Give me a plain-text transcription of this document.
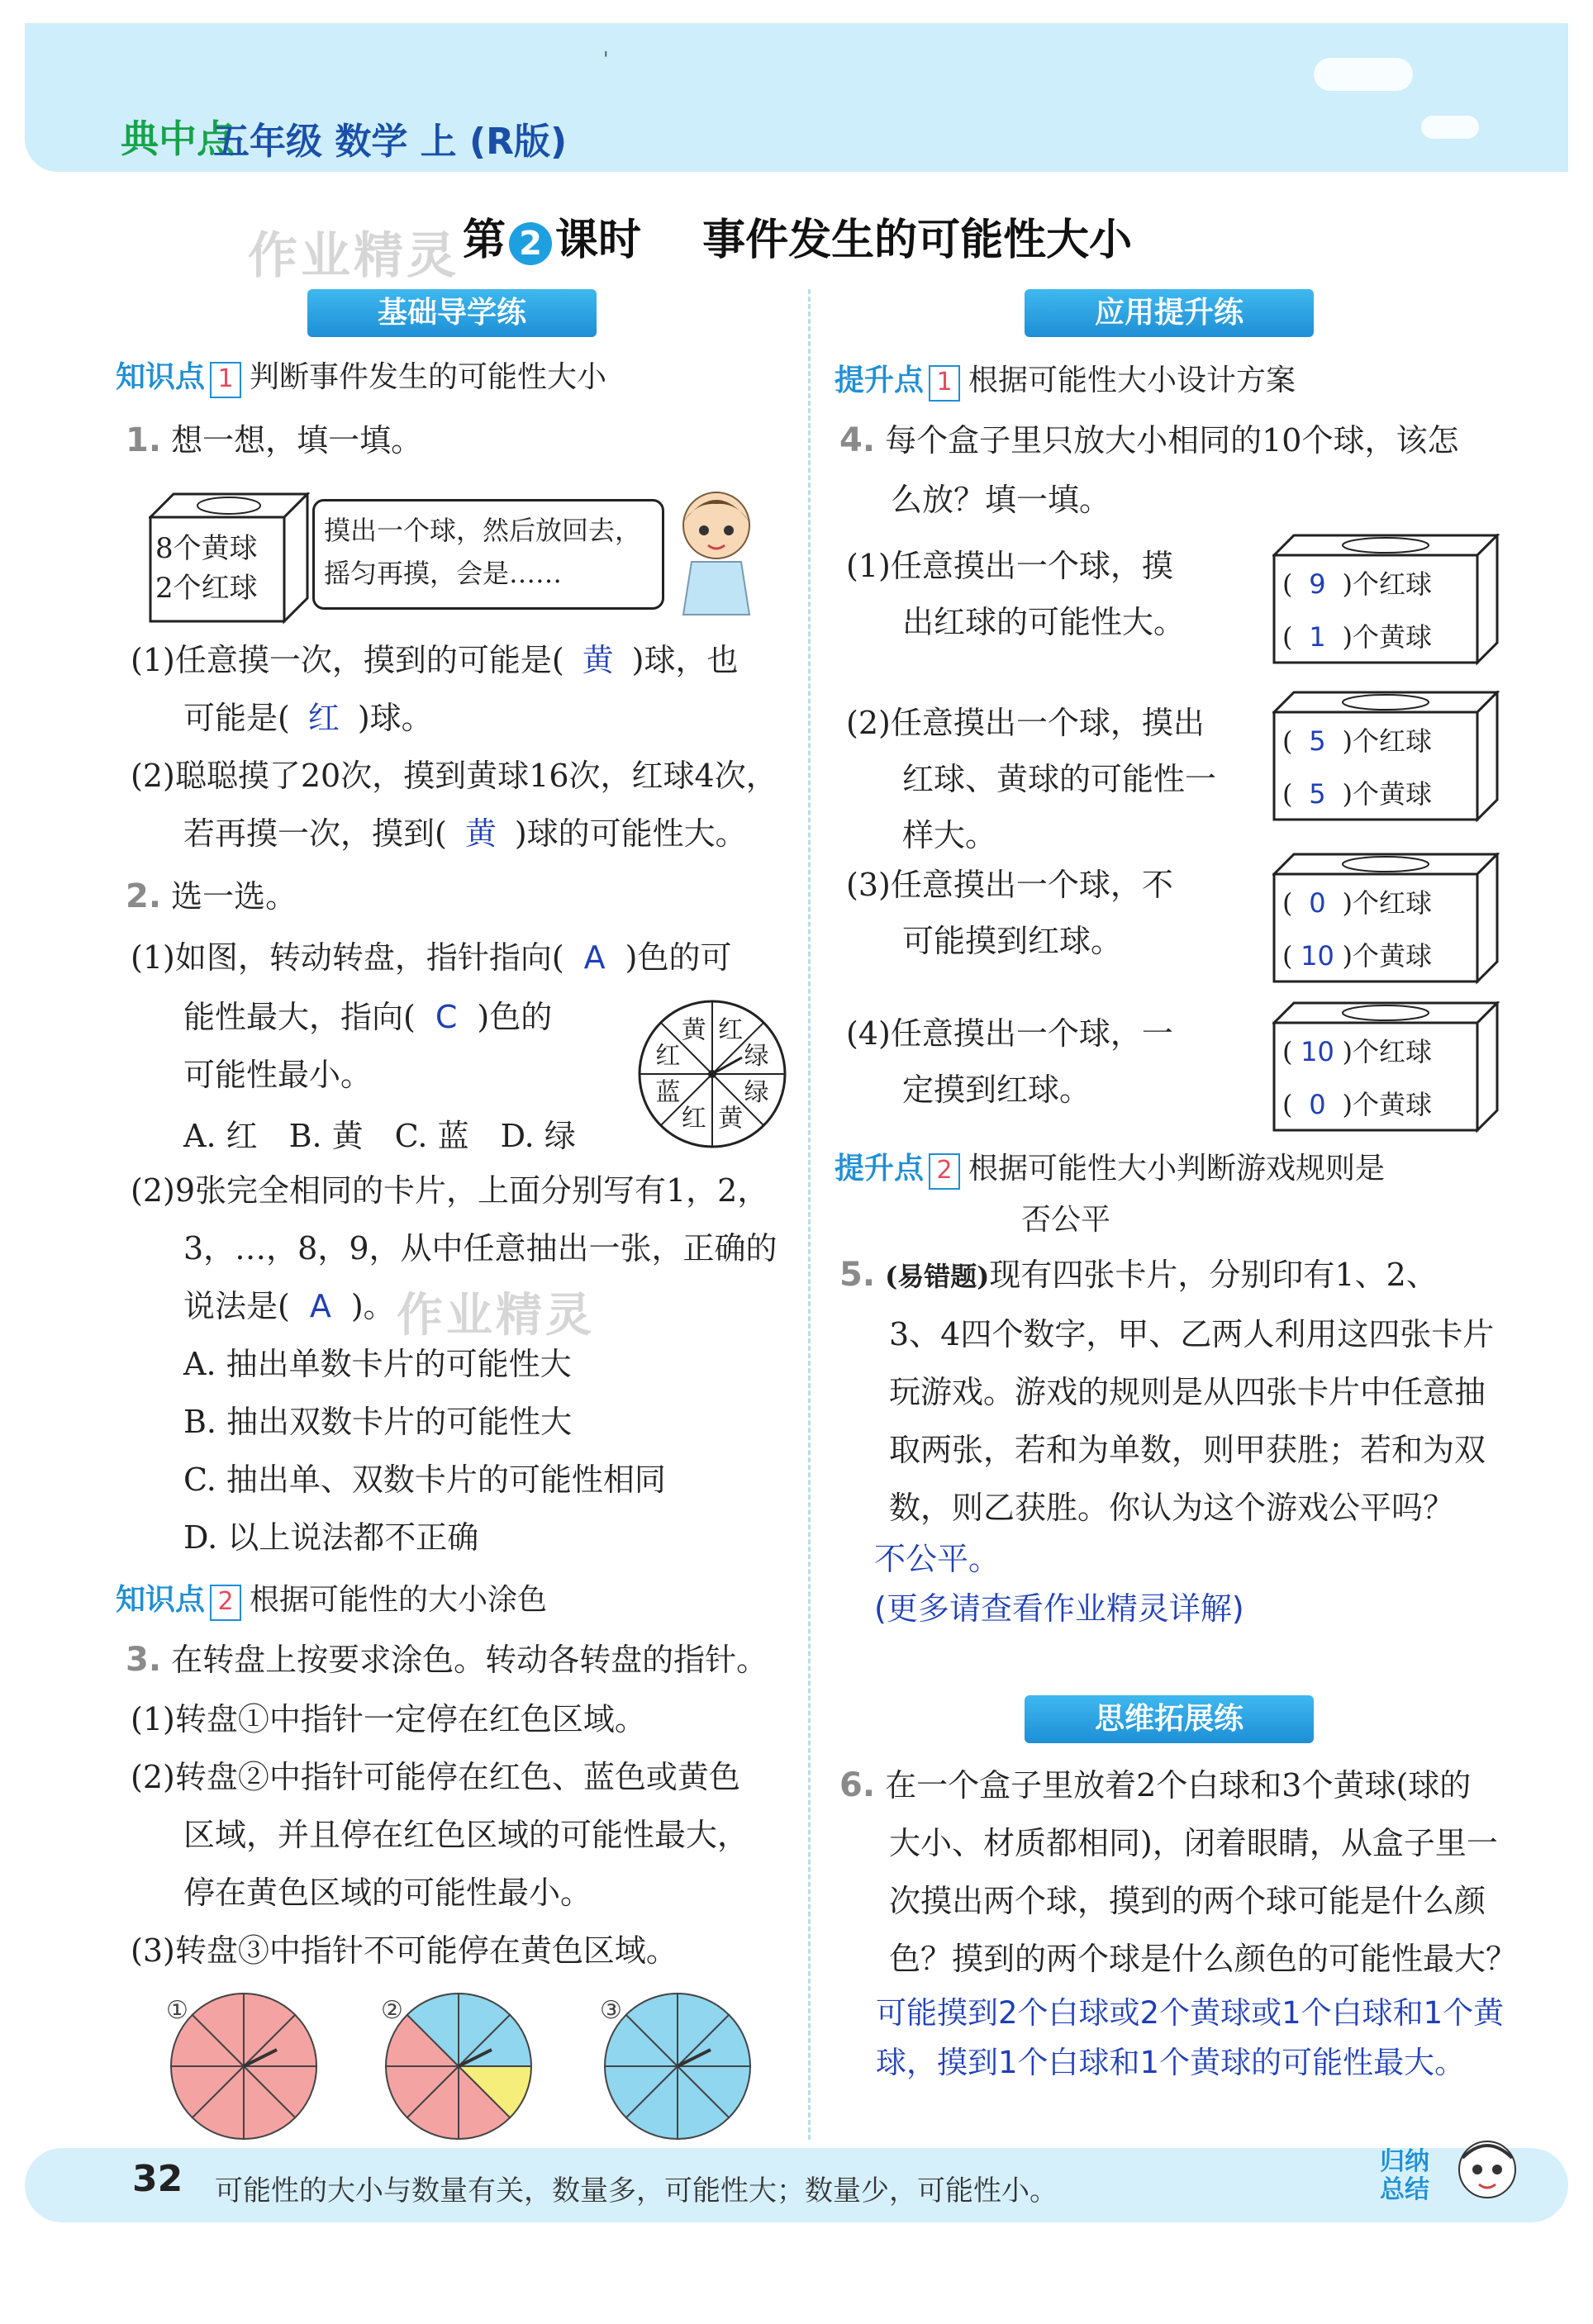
'
典中点
五年级 数学 上 (R版)
第 2 课时 事件发生的可能性大小
作业精灵
基础导学练
知识点 1 判断事件发生的可能性大小
1. 想一想，填一填。
8个黄球
2个红球
摸出一个球，然后放回去，
摇匀再摸，会是……
(1)任意摸一次，摸到的可能是( 黄 )球，也
可能是( 红 )球。
(2)聪聪摸了20次，摸到黄球16次，红球4次，
若再摸一次，摸到( 黄 )球的可能性大。
2. 选一选。
(1)如图，转动转盘，指针指向( A )色的可
能性最大，指向( C )色的
可能性最小。
A. 红　B. 黄　C. 蓝　D. 绿
红
绿
绿
黄
红
蓝
红
黄
(2)9张完全相同的卡片，上面分别写有1，2，
3，…，8，9，从中任意抽出一张，正确的
说法是( A )。 作业精灵
A. 抽出单数卡片的可能性大
B. 抽出双数卡片的可能性大
C. 抽出单、双数卡片的可能性相同
D. 以上说法都不正确
知识点 2 根据可能性的大小涂色
3. 在转盘上按要求涂色。转动各转盘的指针。
(1)转盘①中指针一定停在红色区域。
(2)转盘②中指针可能停在红色、蓝色或黄色
区域，并且停在红色区域的可能性最大，
停在黄色区域的可能性最小。
(3)转盘③中指针不可能停在黄色区域。
①	②	③
应用提升练
提升点 1 根据可能性大小设计方案
4. 每个盒子里只放大小相同的10个球，该怎
么放？填一填。
(1)任意摸出一个球，摸
出红球的可能性大。
( 9 )个红球
( 1 )个黄球
(2)任意摸出一个球，摸出
红球、黄球的可能性一
样大。
( 5 )个红球
( 5 )个黄球
(3)任意摸出一个球，不
可能摸到红球。
( 0 )个红球
( 10 )个黄球
(4)任意摸出一个球，一
定摸到红球。
( 10 )个红球
( 0 )个黄球
提升点 2 根据可能性大小判断游戏规则是
否公平
5. (易错题)现有四张卡片，分别印有1、2、
3、4四个数字，甲、乙两人利用这四张卡片
玩游戏。游戏的规则是从四张卡片中任意抽
取两张，若和为单数，则甲获胜；若和为双
数，则乙获胜。你认为这个游戏公平吗？
不公平。
(更多请查看作业精灵详解)
思维拓展练
6. 在一个盒子里放着2个白球和3个黄球(球的
大小、材质都相同)，闭着眼睛，从盒子里一
次摸出两个球，摸到的两个球可能是什么颜
色？摸到的两个球是什么颜色的可能性最大？
可能摸到2个白球或2个黄球或1个白球和1个黄
球，摸到1个白球和1个黄球的可能性最大。
32 可能性的大小与数量有关，数量多，可能性大；数量少，可能性小。
归纳总结
